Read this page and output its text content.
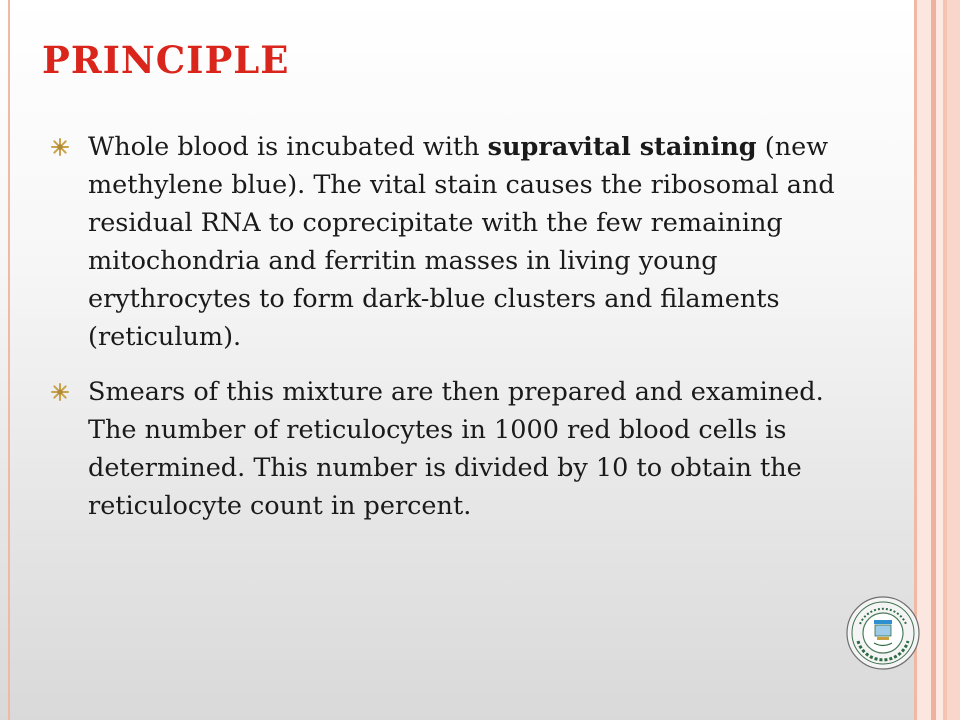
PRINCIPLE
Whole blood is incubated with supravital staining (new methylene blue). The vital stain causes the ribosomal and residual RNA to coprecipitate with the few remaining mitochondria and ferritin masses in living young erythrocytes to form dark-blue clusters and filaments (reticulum).
Smears of this mixture are then prepared and examined. The number of reticulocytes in 1000 red blood cells is determined. This number is divided by 10 to obtain the reticulocyte count in percent.
